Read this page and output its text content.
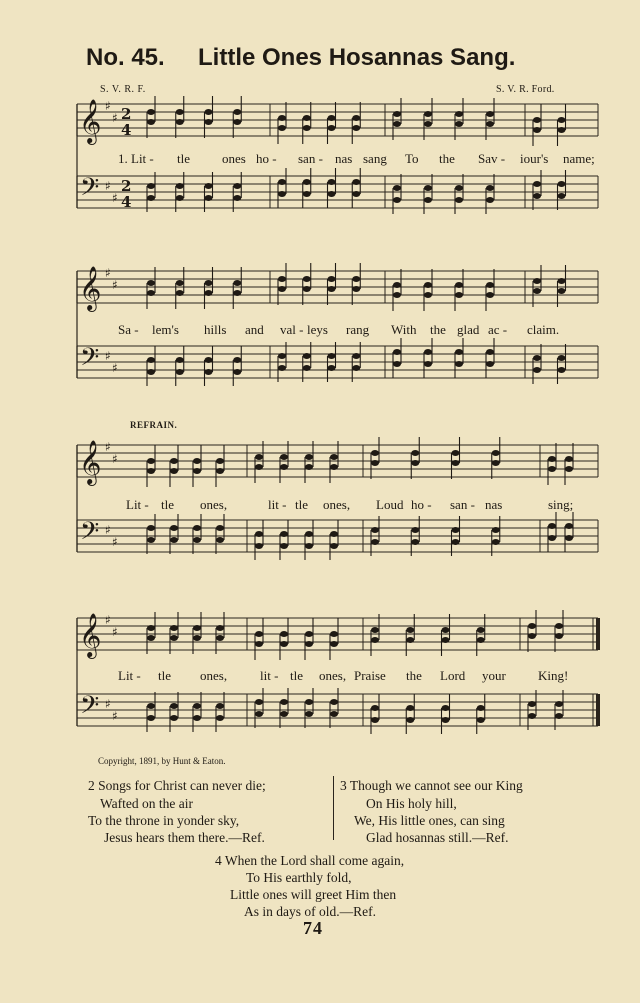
No. 45. Little Ones Hosannas Sang.
S. V. R. F.	S. V. R. Ford.
𝄞 ♯
♯ 2
4
𝄢 ♯
♯
2
4
𝄞 ♯
♯
𝄢 ♯
♯
𝄞 ♯
♯
𝄢 ♯
♯
𝄞 ♯
♯
𝄢 ♯
♯
1. Lit - tle ones ho - san - nas sang To the Sav - iour's name;
Sa - lem's hills and val - leys rang With the glad ac - claim.
Lit - tle ones,	lit - tle ones, Loud ho - san - nas	sing;
Lit - tle ones,	lit - tle ones, Praise the Lord your King!
REFRAIN.
Copyright, 1891, by Hunt & Eaton.
2 Songs for Christ can never die;
Wafted on the air
To the throne in yonder sky,
Jesus hears them there.—Ref.
3 Though we cannot see our King
On His holy hill,
We, His little ones, can sing
Glad hosannas still.—Ref.
4 When the Lord shall come again,
To His earthly fold,
Little ones will greet Him then
As in days of old.—Ref.
74
